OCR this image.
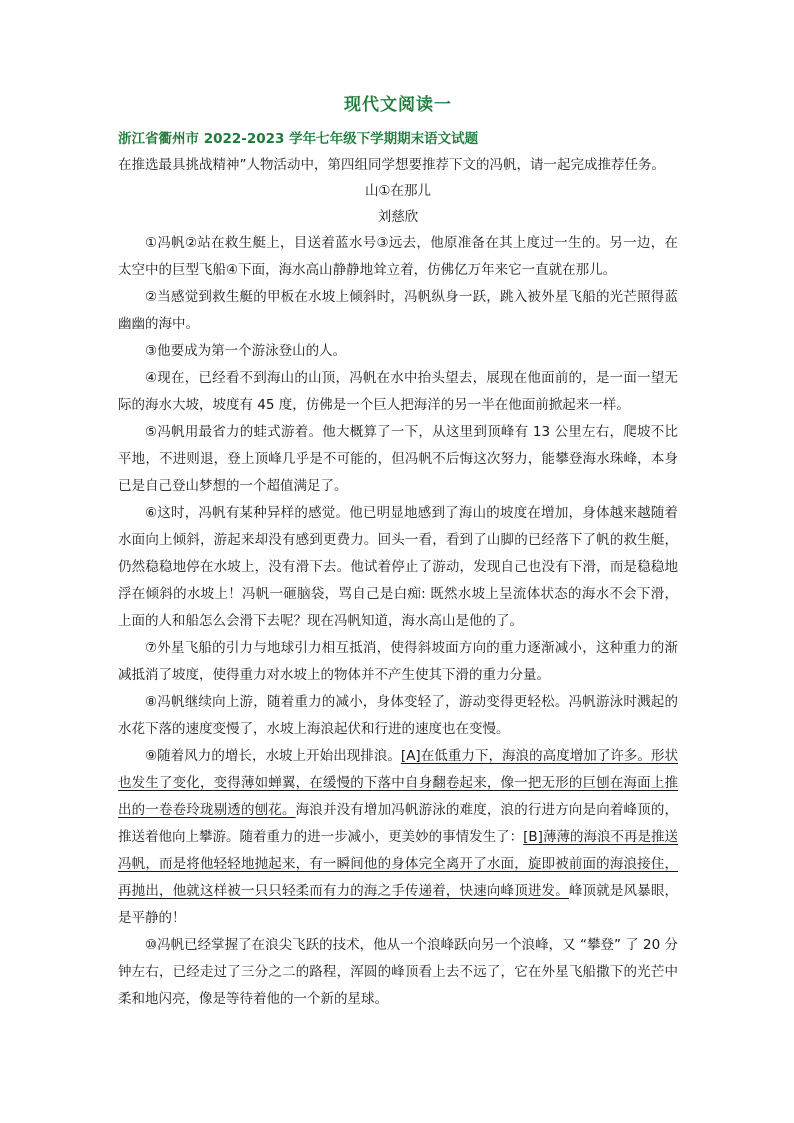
现代文阅读一

浙江省衢州市 2022-2023 学年七年级下学期期末语文试题

在推选最具挑战精神”人物活动中，第四组同学想要推荐下文的冯帆，请一起完成推荐任务。

山①在那儿

刘慈欣

①冯帆②站在救生艇上，目送着蓝水号③远去，他原准备在其上度过一生的。另一边，在太空中的巨型飞船④下面，海水高山静静地耸立着，仿佛亿万年来它一直就在那儿。

②当感觉到救生艇的甲板在水坡上倾斜时，冯帆纵身一跃，跳入被外星飞船的光芒照得蓝幽幽的海中。

③他要成为第一个游泳登山的人。

④现在，已经看不到海山的山顶，冯帆在水中抬头望去，展现在他面前的，是一面一望无际的海水大坡，坡度有 45 度，仿佛是一个巨人把海洋的另一半在他面前掀起来一样。

⑤冯帆用最省力的蛙式游着。他大概算了一下，从这里到顶峰有 13 公里左右，爬坡不比平地，不进则退，登上顶峰几乎是不可能的，但冯帆不后悔这次努力，能攀登海水珠峰，本身已是自己登山梦想的一个超值满足了。

⑥这时，冯帆有某种异样的感觉。他已明显地感到了海山的坡度在增加，身体越来越随着水面向上倾斜，游起来却没有感到更费力。回头一看，看到了山脚的已经落下了帆的救生艇，仍然稳稳地停在水坡上，没有滑下去。他试着停止了游动，发现自己也没有下滑，而是稳稳地浮在倾斜的水坡上！冯帆一砸脑袋，骂自己是白痴: 既然水坡上呈流体状态的海水不会下滑，上面的人和船怎么会滑下去呢？现在冯帆知道，海水高山是他的了。

⑦外星飞船的引力与地球引力相互抵消，使得斜坡面方向的重力逐渐减小，这种重力的渐减抵消了坡度，使得重力对水坡上的物体并不产生使其下滑的重力分量。

⑧冯帆继续向上游，随着重力的减小，身体变轻了，游动变得更轻松。冯帆游泳时溅起的水花下落的速度变慢了，水坡上海浪起伏和行进的速度也在变慢。

⑨随着风力的增长，水坡上开始出现排浪。[A]在低重力下，海浪的高度增加了许多。形状也发生了变化，变得薄如蝉翼，在缓慢的下落中自身翻卷起来，像一把无形的巨刨在海面上推出的一卷卷玲珑剔透的刨花。海浪并没有增加冯帆游泳的难度，浪的行进方向是向着峰顶的，推送着他向上攀游。随着重力的进一步减小，更美妙的事情发生了：[B]薄薄的海浪不再是推送冯帆，而是将他轻轻地抛起来，有一瞬间他的身体完全离开了水面，旋即被前面的海浪接住，再抛出，他就这样被一只只轻柔而有力的海之手传递着，快速向峰顶进发。峰顶就是风暴眼，是平静的！

⑩冯帆已经掌握了在浪尖飞跃的技术，他从一个浪峰跃向另一个浪峰，又 “攀登” 了 20 分钟左右，已经走过了三分之二的路程，浑圆的峰顶看上去不远了，它在外星飞船撒下的光芒中柔和地闪亮，像是等待着他的一个新的星球。
